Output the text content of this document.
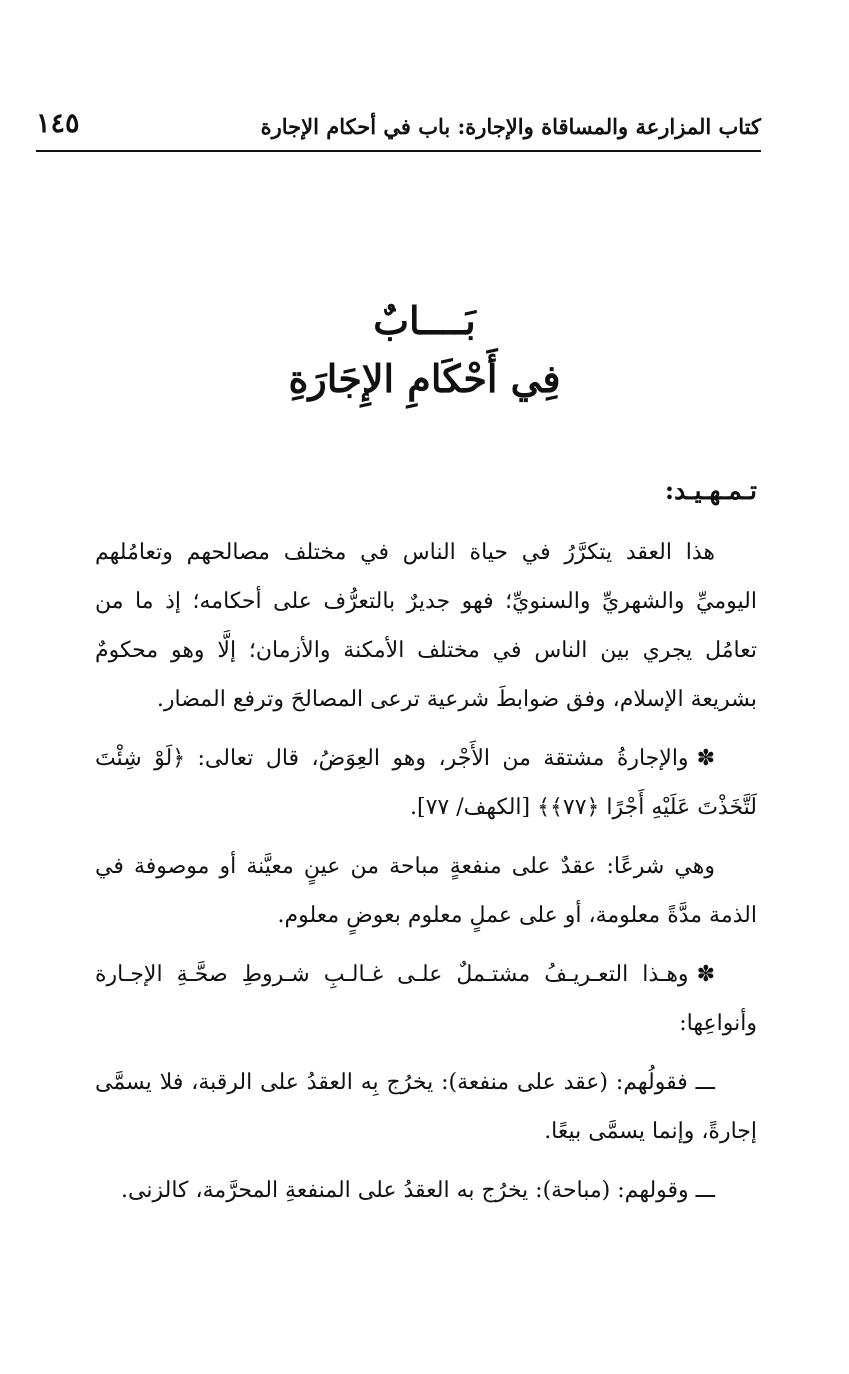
كتاب المزارعة والمساقاة والإجارة: باب في أحكام الإجارة
١٤٥
بَــــابٌ
فِي أَحْكَامِ الإِجَارَةِ
تـمـهـيـد:

هذا العقد يتكرَّرُ في حياة الناس في مختلف مصالحهم وتعامُلهم اليوميِّ والشهريِّ والسنويِّ؛ فهو جديرٌ بالتعرُّف على أحكامه؛ إذ ما من تعامُل يجري بين الناس في مختلف الأمكنة والأزمان؛ إلَّا وهو محكومٌ بشريعة الإسلام، وفق ضوابطَ شرعية ترعى المصالحَ وترفع المضار.

✽والإجارةُ مشتقة من الأَجْر، وهو العِوَضُ، قال تعالى: ﴿لَوْ شِئْتَ لَتَّخَذْتَ عَلَيْهِ أَجْرًا ﴿٧٧﴾﴾ [الكهف/ ٧٧].

وهي شرعًا: عقدٌ على منفعةٍ مباحة من عينٍ معيَّنة أو موصوفة في الذمة مدَّةً معلومة، أو على عملٍ معلوم بعوضٍ معلوم.

✽وهـذا التعـريـفُ مشتـملٌ علـى غـالـبِ شـروطِ صحَّـةِ الإجـارة وأنواعِها:

ـــ فقولُهم: (عقد على منفعة): يخرُج بِه العقدُ على الرقبة، فلا يسمَّى إجارةً، وإنما يسمَّى بيعًا.

ـــ وقولهم: (مباحة): يخرُج به العقدُ على المنفعةِ المحرَّمة، كالزنى.
